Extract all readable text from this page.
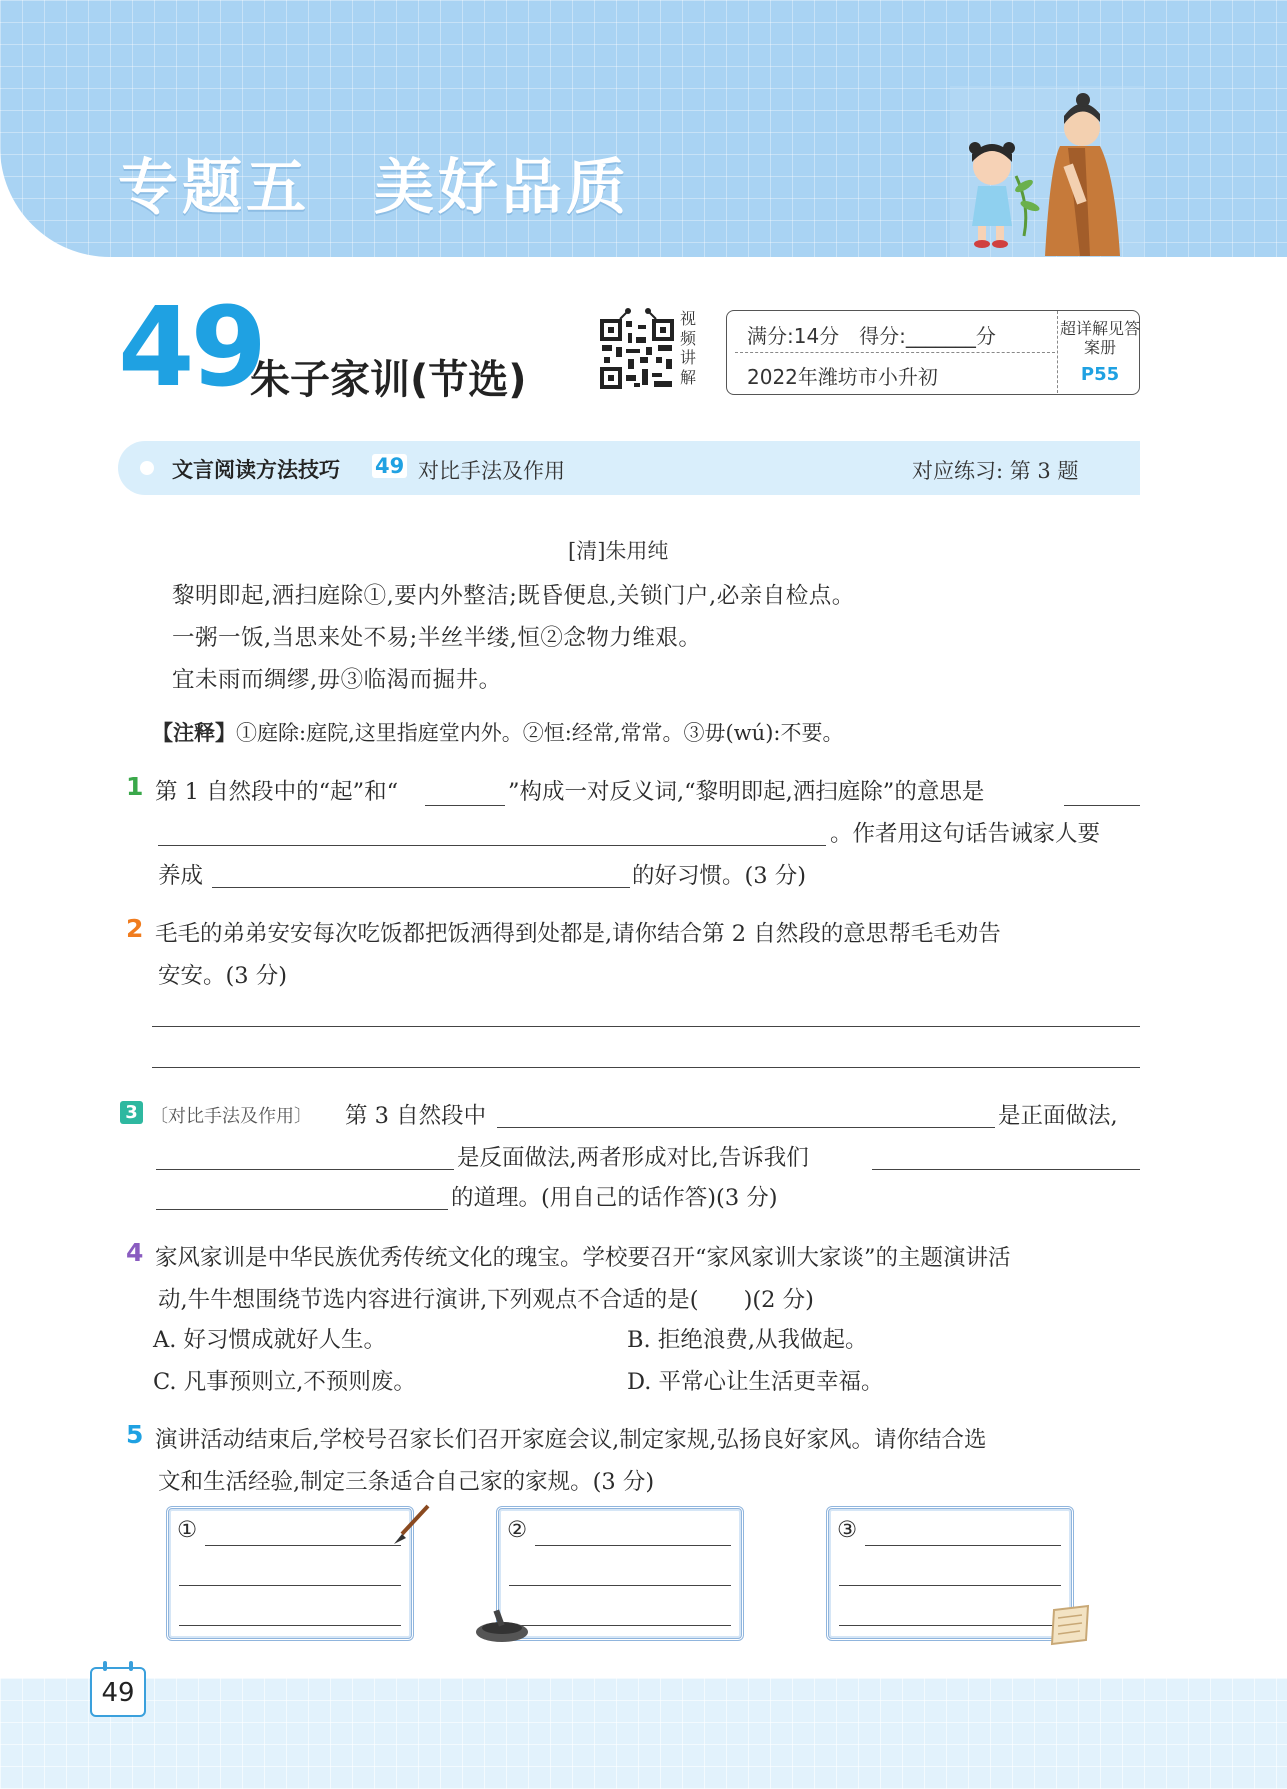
专题五　美好品质
49
朱子家训(节选)
视
频
讲
解
满分:14分　得分:_______分
2022年潍坊市小升初
超详解见答案册
P55
文言阅读方法技巧 49 对比手法及作用	对应练习: 第 3 题
[清]朱用纯
黎明即起,洒扫庭除①,要内外整洁;既昏便息,关锁门户,必亲自检点。
一粥一饭,当思来处不易;半丝半缕,恒②念物力维艰。
宜未雨而绸缪,毋③临渴而掘井。
【注释】①庭除:庭院,这里指庭堂内外。②恒:经常,常常。③毋(wú):不要。
1 第 1 自然段中的“起”和“	”构成一对反义词,“黎明即起,洒扫庭除”的意思是
。作者用这句话告诫家人要
养成	的好习惯。(3 分)
2 毛毛的弟弟安安每次吃饭都把饭洒得到处都是,请你结合第 2 自然段的意思帮毛毛劝告
安安。(3 分)
3 〔对比手法及作用〕 第 3 自然段中	是正面做法,
是反面做法,两者形成对比,告诉我们
的道理。(用自己的话作答)(3 分)
4 家风家训是中华民族优秀传统文化的瑰宝。学校要召开“家风家训大家谈”的主题演讲活
动,牛牛想围绕节选内容进行演讲,下列观点不合适的是(　　)(2 分)
A. 好习惯成就好人生。	B. 拒绝浪费,从我做起。
C. 凡事预则立,不预则废。	D. 平常心让生活更幸福。
5 演讲活动结束后,学校号召家长们召开家庭会议,制定家规,弘扬良好家风。请你结合选
文和生活经验,制定三条适合自己家的家规。(3 分)
①	②	③
49
